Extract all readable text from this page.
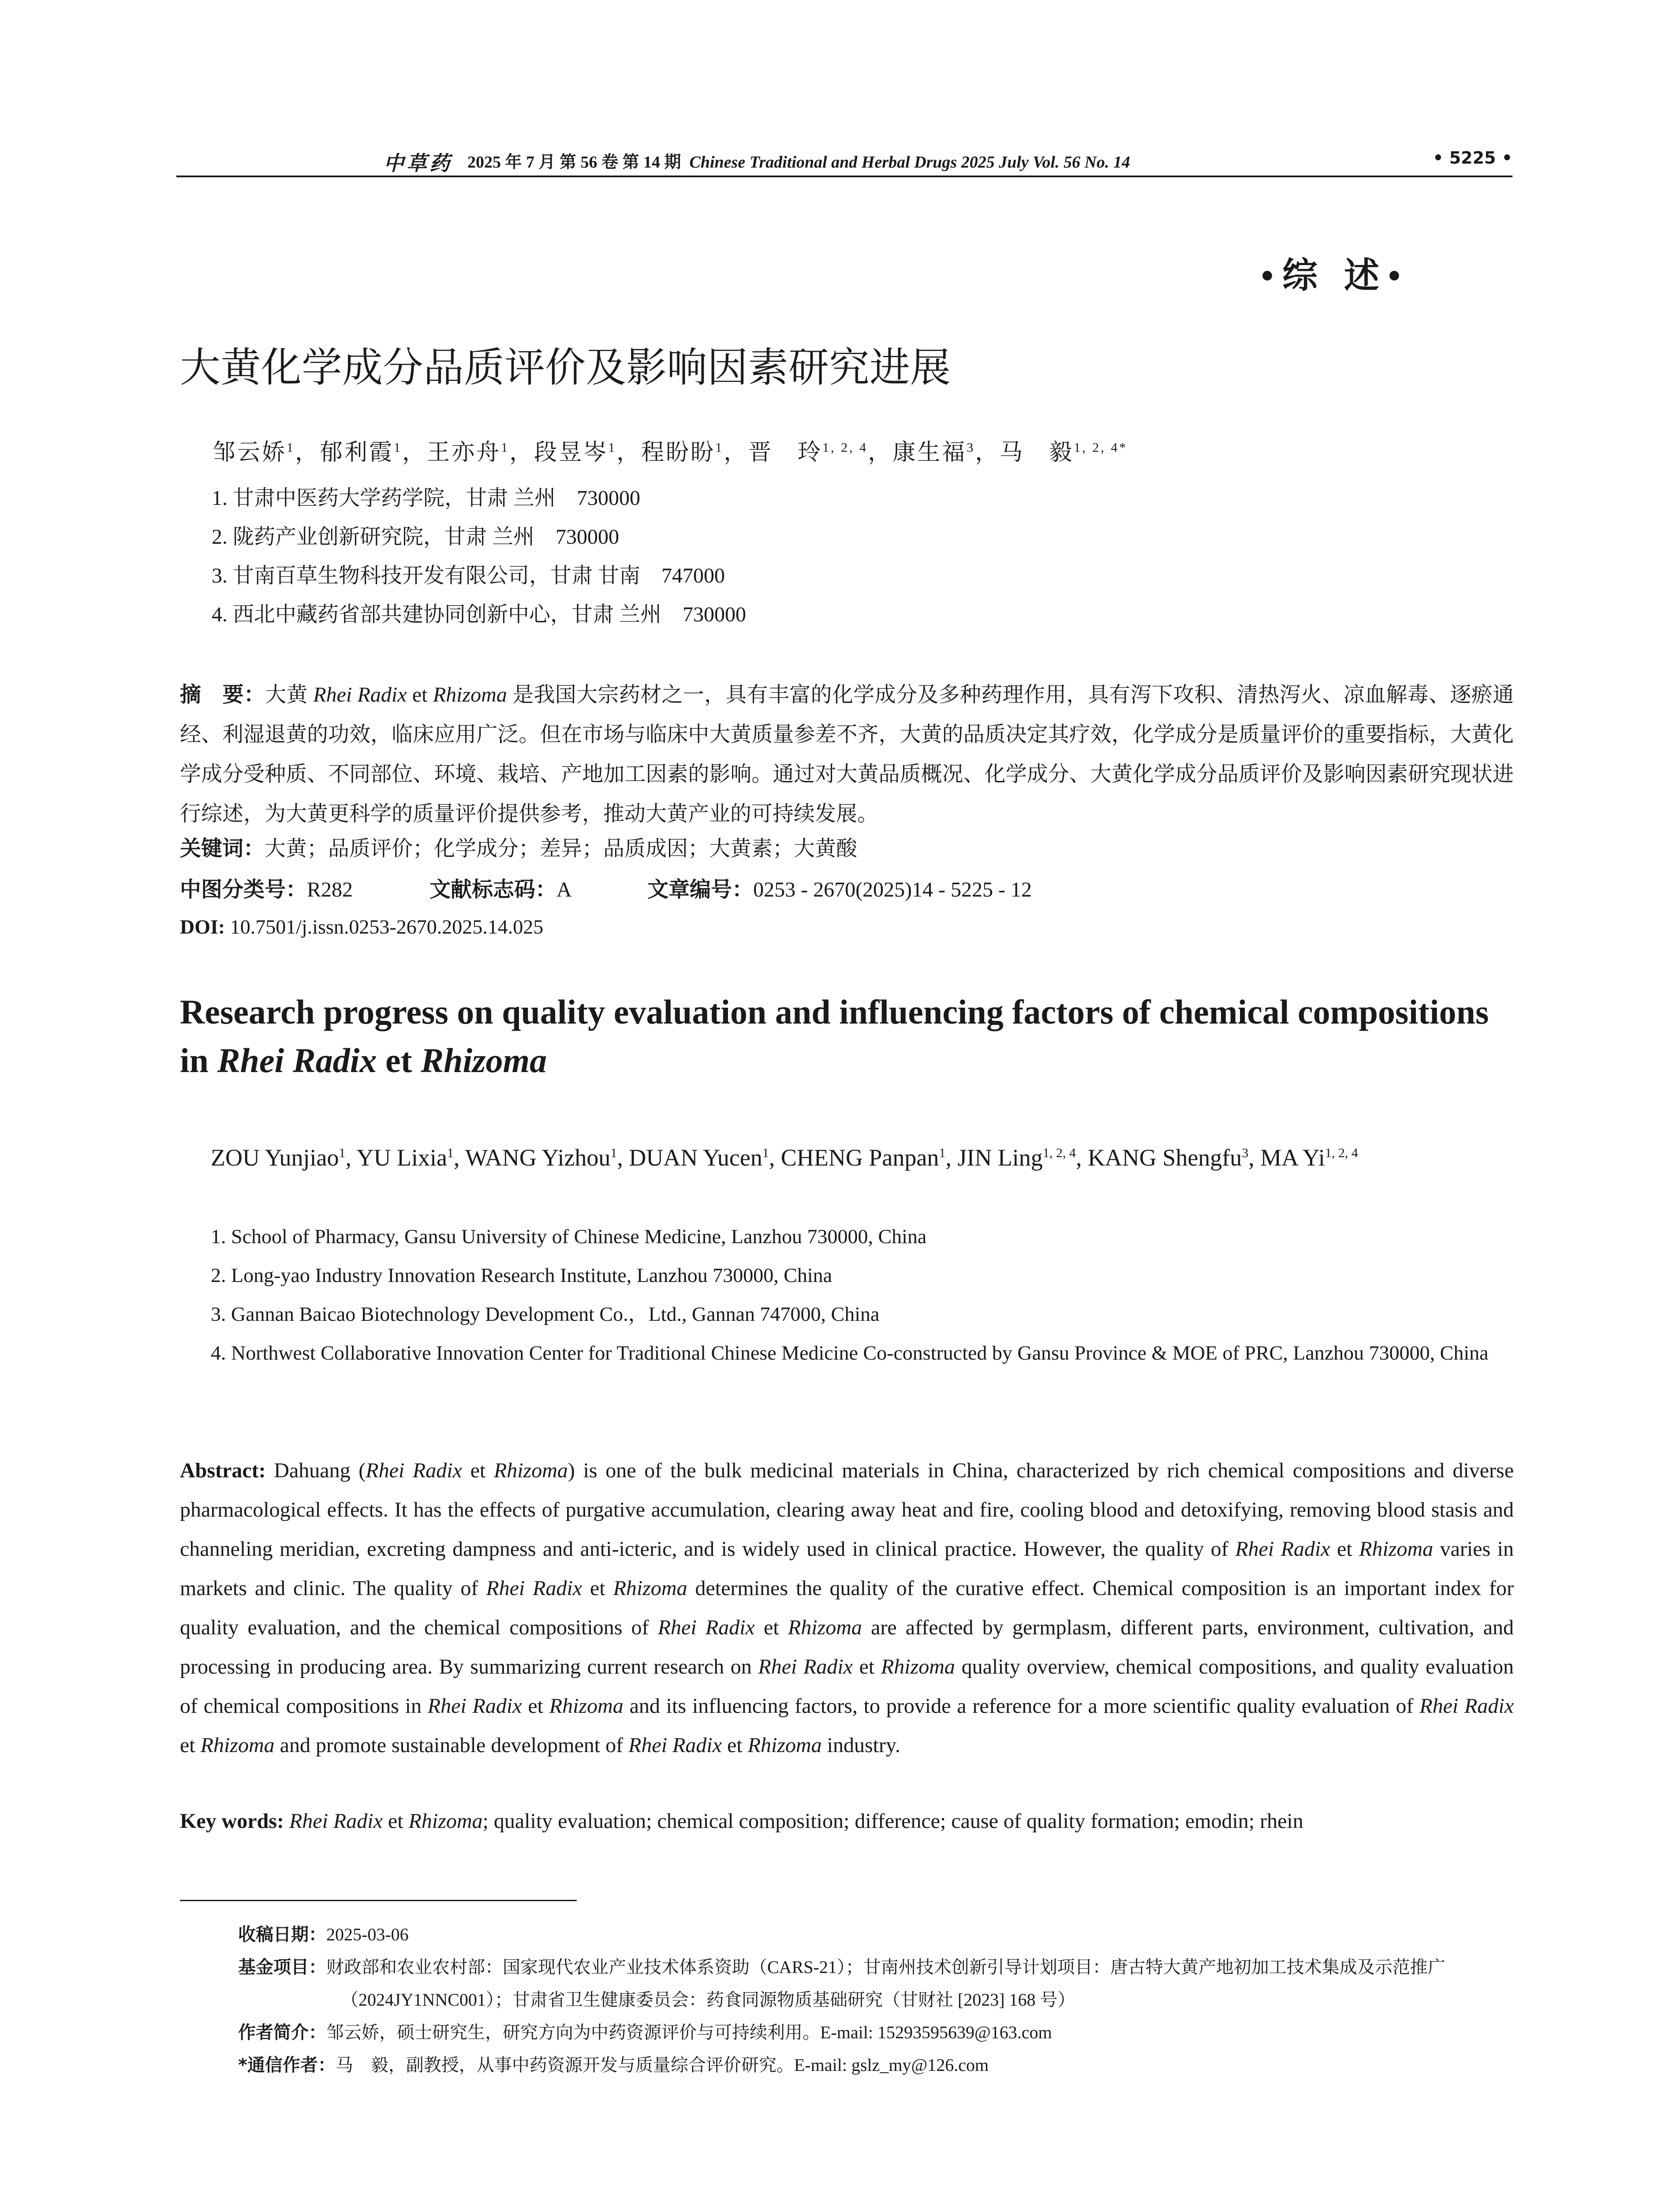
中草药 2025 年 7 月 第 56 卷 第 14 期 Chinese Traditional and Herbal Drugs 2025 July Vol. 56 No. 14	• 5225 •
• 综   述 •
大黄化学成分品质评价及影响因素研究进展
邹云娇$^1$，郁利霞$^1$，王亦舟$^1$，段昱岑$^1$，程盼盼$^1$，晋　玲$^{1, 2, 4}$，康生福$^3$，马　毅$^{1, 2, 4*}$
1. 甘肃中医药大学药学院，甘肃 兰州　730000
2. 陇药产业创新研究院，甘肃 兰州　730000
3. 甘南百草生物科技开发有限公司，甘肃 甘南　747000
4. 西北中藏药省部共建协同创新中心，甘肃 兰州　730000
摘　要：大黄 Rhei Radix et Rhizoma 是我国大宗药材之一，具有丰富的化学成分及多种药理作用，具有泻下攻积、清热泻火、凉血解毒、逐瘀通经、利湿退黄的功效，临床应用广泛。但在市场与临床中大黄质量参差不齐，大黄的品质决定其疗效，化学成分是质量评价的重要指标，大黄化学成分受种质、不同部位、环境、栽培、产地加工因素的影响。通过对大黄品质概况、化学成分、大黄化学成分品质评价及影响因素研究现状进行综述，为大黄更科学的质量评价提供参考，推动大黄产业的可持续发展。
关键词：大黄；品质评价；化学成分；差异；品质成因；大黄素；大黄酸
中图分类号：R282	文献标志码：A	文章编号：0253 - 2670(2025)14 - 5225 - 12
DOI: 10.7501/j.issn.0253-2670.2025.14.025
Research progress on quality evaluation and influencing factors of chemical compositions in Rhei Radix et Rhizoma
ZOU Yunjiao$^1$, YU Lixia$^1$, WANG Yizhou$^1$, DUAN Yucen$^1$, CHENG Panpan$^1$, JIN Ling$^{1, 2, 4}$, KANG Shengfu$^3$, MA Yi$^{1, 2, 4}$
1. School of Pharmacy, Gansu University of Chinese Medicine, Lanzhou 730000, China
2. Long-yao Industry Innovation Research Institute, Lanzhou 730000, China
3. Gannan Baicao Biotechnology Development Co.，Ltd., Gannan 747000, China
4. Northwest Collaborative Innovation Center for Traditional Chinese Medicine Co-constructed by Gansu Province & MOE of PRC, Lanzhou 730000, China
Abstract: Dahuang (Rhei Radix et Rhizoma) is one of the bulk medicinal materials in China, characterized by rich chemical compositions and diverse pharmacological effects. It has the effects of purgative accumulation, clearing away heat and fire, cooling blood and detoxifying, removing blood stasis and channeling meridian, excreting dampness and anti-icteric, and is widely used in clinical practice. However, the quality of Rhei Radix et Rhizoma varies in markets and clinic. The quality of Rhei Radix et Rhizoma determines the quality of the curative effect. Chemical composition is an important index for quality evaluation, and the chemical compositions of Rhei Radix et Rhizoma are affected by germplasm, different parts, environment, cultivation, and processing in producing area. By summarizing current research on Rhei Radix et Rhizoma quality overview, chemical compositions, and quality evaluation of chemical compositions in Rhei Radix et Rhizoma and its influencing factors, to provide a reference for a more scientific quality evaluation of Rhei Radix et Rhizoma and promote sustainable development of Rhei Radix et Rhizoma industry.
Key words: Rhei Radix et Rhizoma; quality evaluation; chemical composition; difference; cause of quality formation; emodin; rhein
收稿日期：2025-03-06
基金项目：财政部和农业农村部：国家现代农业产业技术体系资助（CARS-21）；甘南州技术创新引导计划项目：唐古特大黄产地初加工技术集成及示范推广（2024JY1NNC001）；甘肃省卫生健康委员会：药食同源物质基础研究（甘财社 [2023] 168 号）
作者简介：邹云娇，硕士研究生，研究方向为中药资源评价与可持续利用。E-mail: 15293595639@163.com
*通信作者：马　毅，副教授，从事中药资源开发与质量综合评价研究。E-mail: gslz_my@126.com
